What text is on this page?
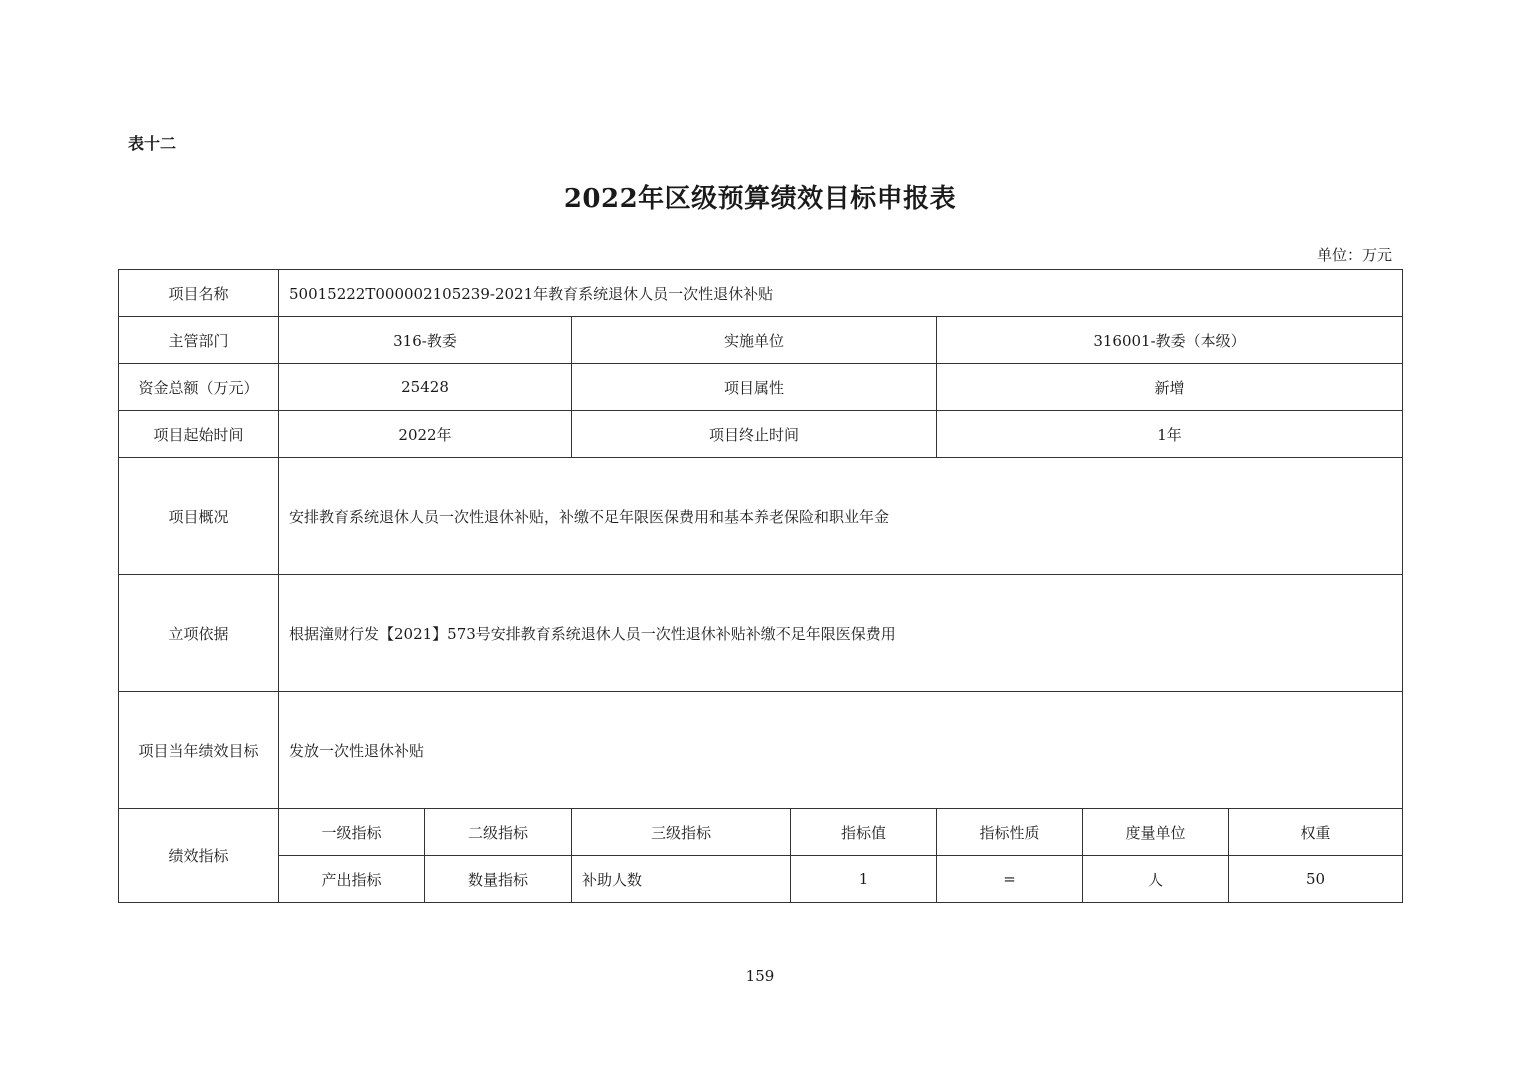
表十二

2022年区级预算绩效目标申报表

单位：万元

项目名称	50015222T000002105239-2021年教育系统退休人员一次性退休补贴						
主管部门	316-教委		实施单位		316001-教委（本级）		
资金总额（万元）	25428		项目属性		新增		
项目起始时间	2022年		项目终止时间		1年		
项目概况	安排教育系统退休人员一次性退休补贴，补缴不足年限医保费用和基本养老保险和职业年金						
立项依据	根据潼财行发【2021】573号安排教育系统退休人员一次性退休补贴补缴不足年限医保费用						
项目当年绩效目标	发放一次性退休补贴						
绩效指标	一级指标	二级指标	三级指标	指标值	指标性质	度量单位	权重
	产出指标	数量指标	补助人数	1	=	人	50

159
